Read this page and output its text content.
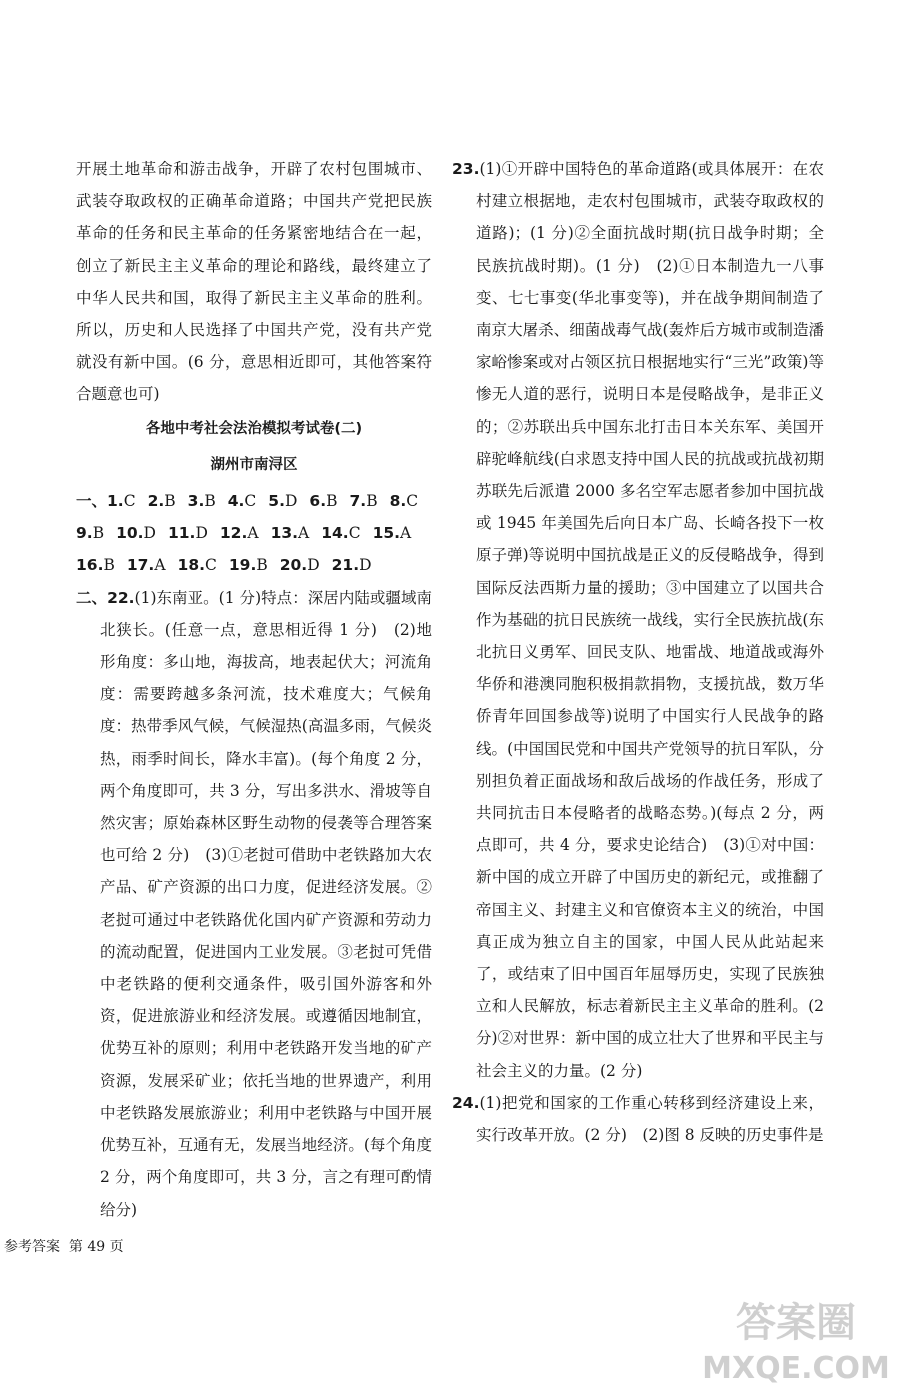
开展土地革命和游击战争，开辟了农村包围城市、武装夺取政权的正确革命道路；中国共产党把民族革命的任务和民主革命的任务紧密地结合在一起，创立了新民主主义革命的理论和路线，最终建立了中华人民共和国，取得了新民主主义革命的胜利。所以，历史和人民选择了中国共产党，没有共产党就没有新中国。(6 分，意思相近即可，其他答案符合题意也可)

各地中考社会法治模拟考试卷(二)

湖州市南浔区

一、1.C 2.B 3.B 4.C 5.D 6.B 7.B 8.C
9.B 10.D 11.D 12.A 13.A 14.C 15.A
16.B 17.A 18.C 19.B 20.D 21.D

二、22.(1)东南亚。(1 分)特点：深居内陆或疆域南北狭长。(任意一点，意思相近得 1 分)　(2)地形角度：多山地，海拔高，地表起伏大；河流角度：需要跨越多条河流，技术难度大；气候角度：热带季风气候，气候湿热(高温多雨，气候炎热，雨季时间长，降水丰富)。(每个角度 2 分，两个角度即可，共 3 分，写出多洪水、滑坡等自然灾害；原始森林区野生动物的侵袭等合理答案也可给 2 分)　(3)①老挝可借助中老铁路加大农产品、矿产资源的出口力度，促进经济发展。②老挝可通过中老铁路优化国内矿产资源和劳动力的流动配置，促进国内工业发展。③老挝可凭借中老铁路的便利交通条件，吸引国外游客和外资，促进旅游业和经济发展。或遵循因地制宜，优势互补的原则；利用中老铁路开发当地的矿产资源，发展采矿业；依托当地的世界遗产，利用中老铁路发展旅游业；利用中老铁路与中国开展优势互补，互通有无，发展当地经济。(每个角度 2 分，两个角度即可，共 3 分，言之有理可酌情给分)

23.(1)①开辟中国特色的革命道路(或具体展开：在农村建立根据地，走农村包围城市，武装夺取政权的道路)；(1 分)②全面抗战时期(抗日战争时期；全民族抗战时期)。(1 分)　(2)①日本制造九一八事变、七七事变(华北事变等)，并在战争期间制造了南京大屠杀、细菌战毒气战(轰炸后方城市或制造潘家峪惨案或对占领区抗日根据地实行“三光”政策)等惨无人道的恶行，说明日本是侵略战争，是非正义的；②苏联出兵中国东北打击日本关东军、美国开辟驼峰航线(白求恩支持中国人民的抗战或抗战初期苏联先后派遣 2000 多名空军志愿者参加中国抗战或 1945 年美国先后向日本广岛、长崎各投下一枚原子弹)等说明中国抗战是正义的反侵略战争，得到国际反法西斯力量的援助；③中国建立了以国共合作为基础的抗日民族统一战线，实行全民族抗战(东北抗日义勇军、回民支队、地雷战、地道战或海外华侨和港澳同胞积极捐款捐物，支援抗战，数万华侨青年回国参战等)说明了中国实行人民战争的路线。(中国国民党和中国共产党领导的抗日军队，分别担负着正面战场和敌后战场的作战任务，形成了共同抗击日本侵略者的战略态势。)(每点 2 分，两点即可，共 4 分，要求史论结合)　(3)①对中国：新中国的成立开辟了中国历史的新纪元，或推翻了帝国主义、封建主义和官僚资本主义的统治，中国真正成为独立自主的国家，中国人民从此站起来了，或结束了旧中国百年屈辱历史，实现了民族独立和人民解放，标志着新民主主义革命的胜利。(2 分)②对世界：新中国的成立壮大了世界和平民主与社会主义的力量。(2 分)

24.(1)把党和国家的工作重心转移到经济建设上来，实行改革开放。(2 分)　(2)图 8 反映的历史事件是

参考答案 第 49 页
答案圈
MXQE.COM
